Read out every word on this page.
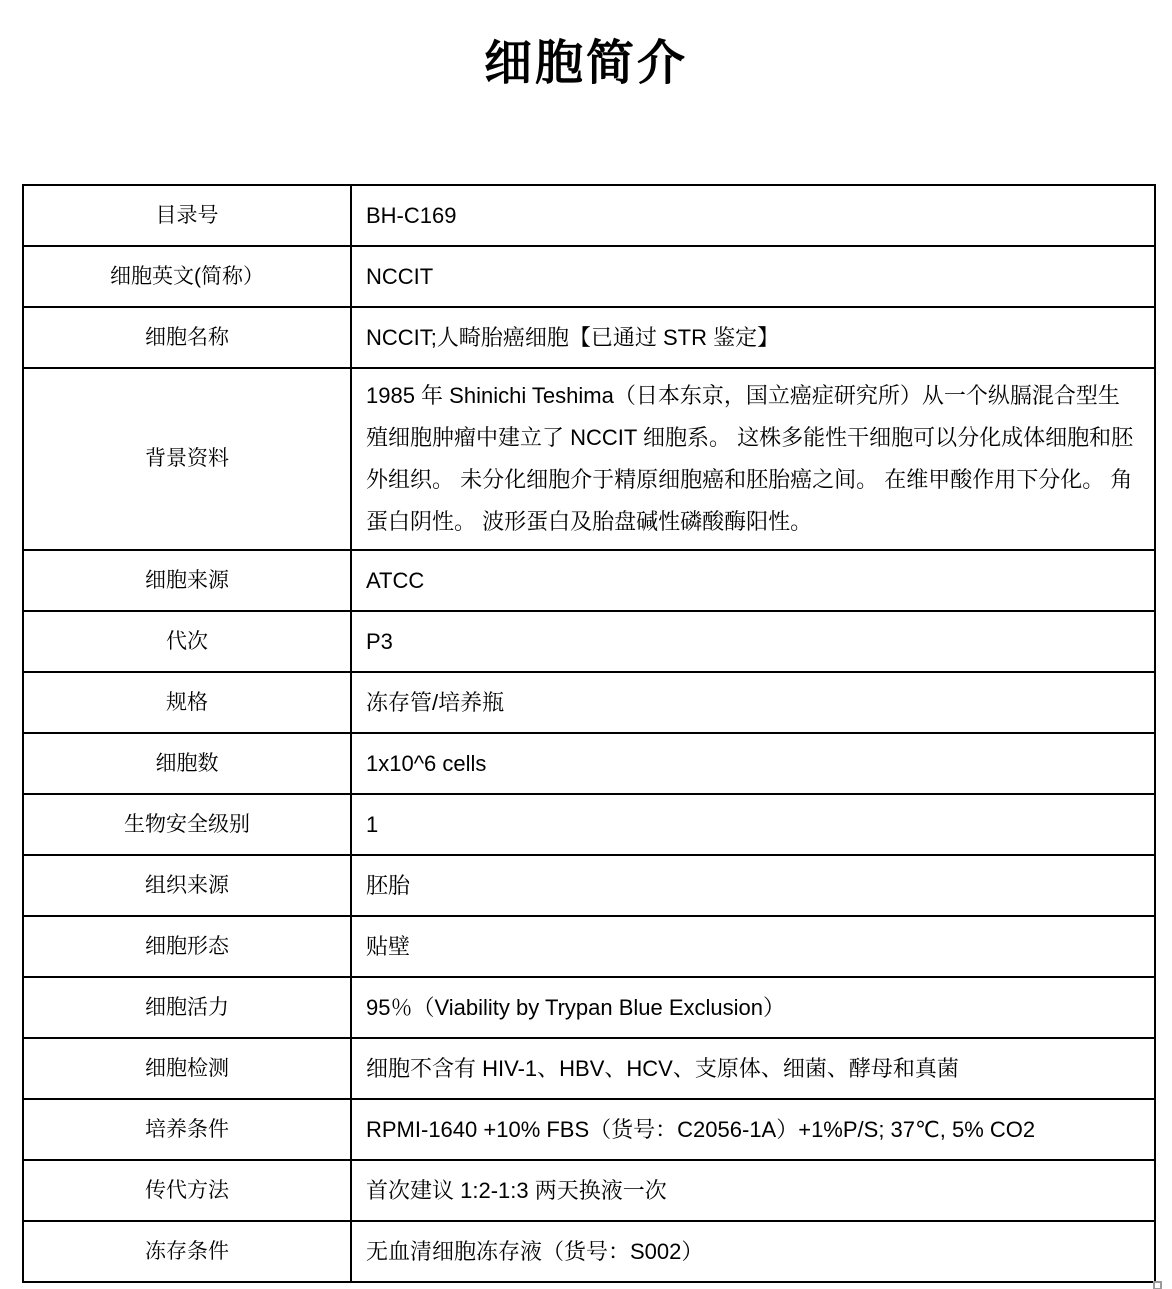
细胞简介
目录号	BH-C169
细胞英文(简称）	NCCIT
细胞名称	NCCIT;人畸胎癌细胞【已通过 STR 鉴定】
背景资料	1985 年 Shinichi Teshima（日本东京，国立癌症研究所）从一个纵膈混合型生殖细胞肿瘤中建立了 NCCIT 细胞系。 这株多能性干细胞可以分化成体细胞和胚外组织。 未分化细胞介于精原细胞癌和胚胎癌之间。 在维甲酸作用下分化。 角蛋白阴性。 波形蛋白及胎盘碱性磷酸酶阳性。
细胞来源	ATCC
代次	P3
规格	冻存管/培养瓶
细胞数	1x10^6 cells
生物安全级别	1
组织来源	胚胎
细胞形态	贴壁
细胞活力	95％（Viability by Trypan Blue Exclusion）
细胞检测	细胞不含有 HIV-1、HBV、HCV、支原体、细菌、酵母和真菌
培养条件	RPMI-1640 +10% FBS（货号：C2056-1A）+1%P/S; 37℃, 5% CO2
传代方法	首次建议 1:2-1:3 两天换液一次
冻存条件	无血清细胞冻存液（货号：S002）
